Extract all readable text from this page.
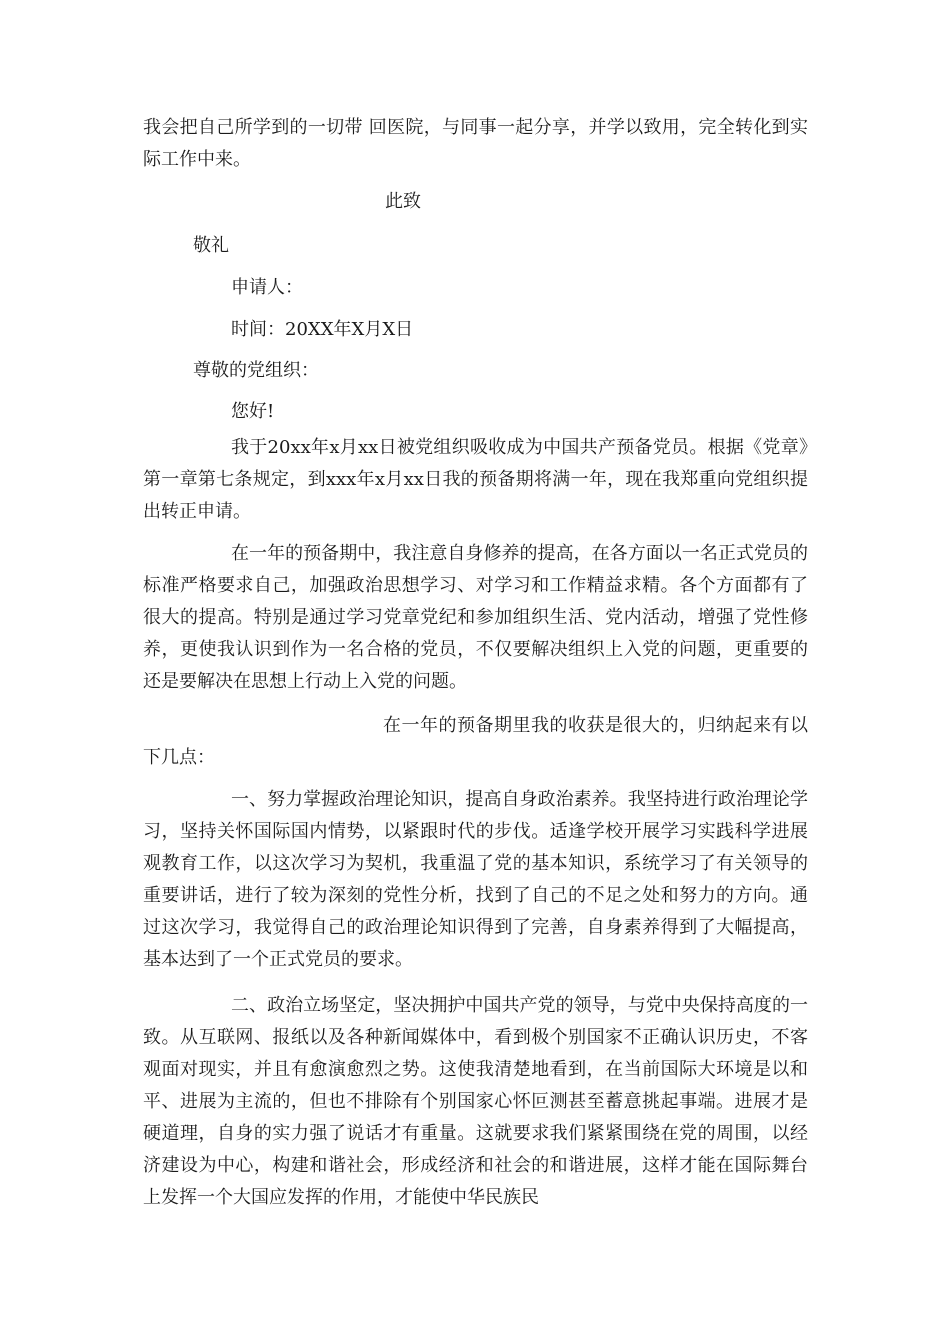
我会把自己所学到的一切带 回医院，与同事一起分享，并学以致用，完全转化到实际工作中来。

此致

敬礼

申请人：

时间：20XX年X月X日

尊敬的党组织：

您好!

我于20xx年x月xx日被党组织吸收成为中国共产预备党员。根据《党章》第一章第七条规定，到xxx年x月xx日我的预备期将满一年，现在我郑重向党组织提出转正申请。

在一年的预备期中，我注意自身修养的提高，在各方面以一名正式党员的标准严格要求自己，加强政治思想学习、对学习和工作精益求精。各个方面都有了很大的提高。特别是通过学习党章党纪和参加组织生活、党内活动，增强了党性修养，更使我认识到作为一名合格的党员，不仅要解决组织上入党的问题，更重要的还是要解决在思想上行动上入党的问题。

在一年的预备期里我的收获是很大的，归纳起来有以下几点：

一、努力掌握政治理论知识，提高自身政治素养。我坚持进行政治理论学习，坚持关怀国际国内情势，以紧跟时代的步伐。适逢学校开展学习实践科学进展观教育工作，以这次学习为契机，我重温了党的基本知识，系统学习了有关领导的重要讲话，进行了较为深刻的党性分析，找到了自己的不足之处和努力的方向。通过这次学习，我觉得自己的政治理论知识得到了完善，自身素养得到了大幅提高，基本达到了一个正式党员的要求。

二、政治立场坚定，坚决拥护中国共产党的领导，与党中央保持高度的一致。从互联网、报纸以及各种新闻媒体中，看到极个别国家不正确认识历史，不客观面对现实，并且有愈演愈烈之势。这使我清楚地看到，在当前国际大环境是以和平、进展为主流的，但也不排除有个别国家心怀叵测甚至蓄意挑起事端。进展才是硬道理，自身的实力强了说话才有重量。这就要求我们紧紧围绕在党的周围，以经济建设为中心，构建和谐社会，形成经济和社会的和谐进展，这样才能在国际舞台上发挥一个大国应发挥的作用，才能使中华民族民
